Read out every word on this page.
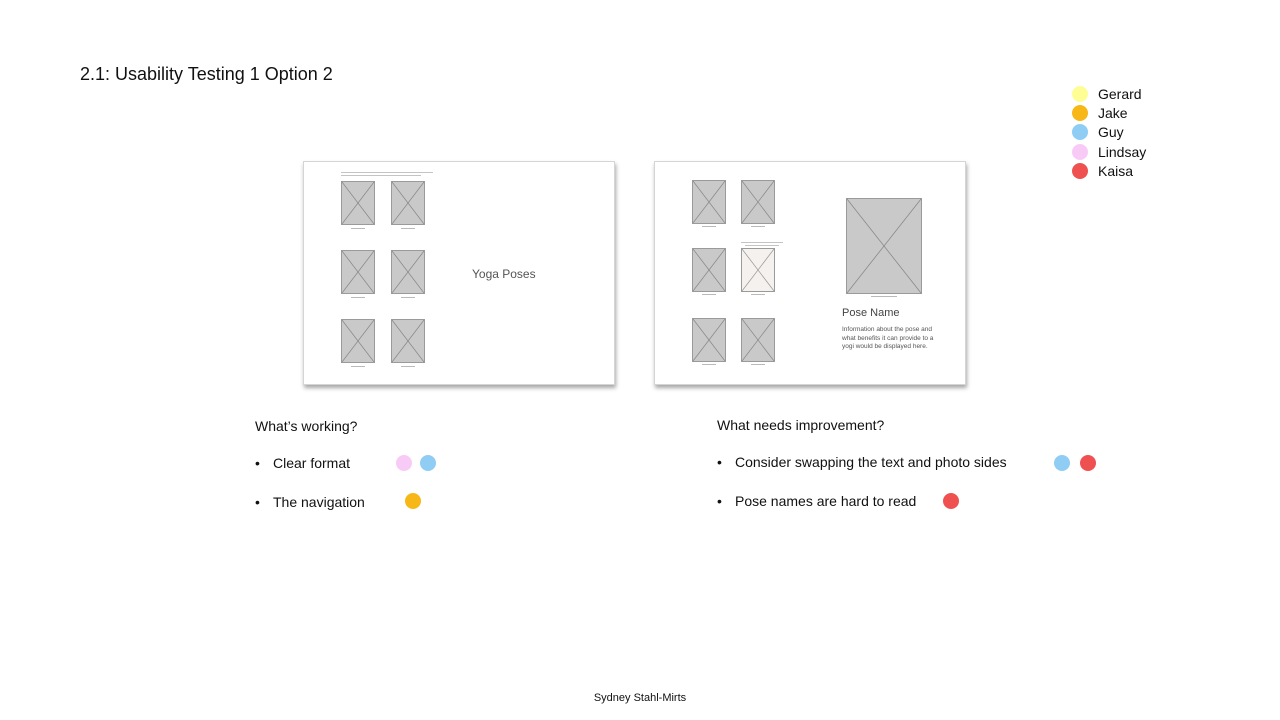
2.1: Usability Testing 1 Option 2
Gerard
Jake
Guy
Lindsay
Kaisa
Yoga Poses
Pose Name
Information about the pose and what benefits it can provide to a yogi would be displayed here.
What’s working?
• Clear format
• The navigation
What needs improvement?
• Consider swapping the text and photo sides
• Pose names are hard to read
Sydney Stahl-Mirts
